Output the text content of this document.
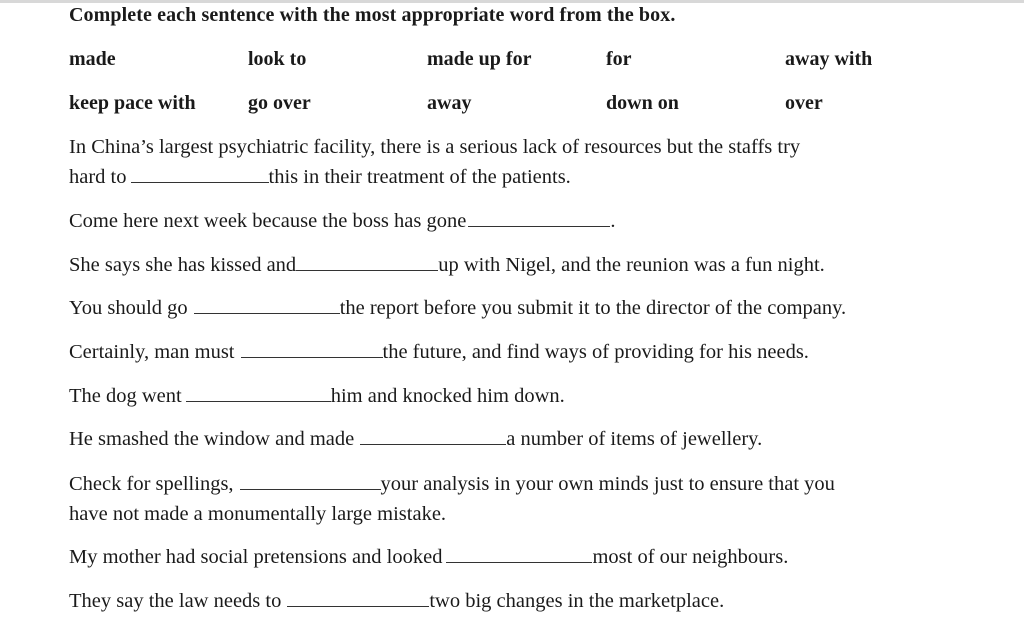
Complete each sentence with the most appropriate word from the box.
made	look to	made up for	for	away with
keep pace with	go over	away	down on	over
In China’s largest psychiatric facility, there is a serious lack of resources but the staffs try
hard to	this in their treatment of the patients.
Come here next week because the boss has gone	.
She says she has kissed and	up with Nigel, and the reunion was a fun night.
You should go	the report before you submit it to the director of the company.
Certainly, man must	the future, and find ways of providing for his needs.
The dog went	him and knocked him down.
He smashed the window and made	a number of items of jewellery.
Check for spellings,	your analysis in your own minds just to ensure that you
have not made a monumentally large mistake.
My mother had social pretensions and looked	most of our neighbours.
They say the law needs to	two big changes in the marketplace.
